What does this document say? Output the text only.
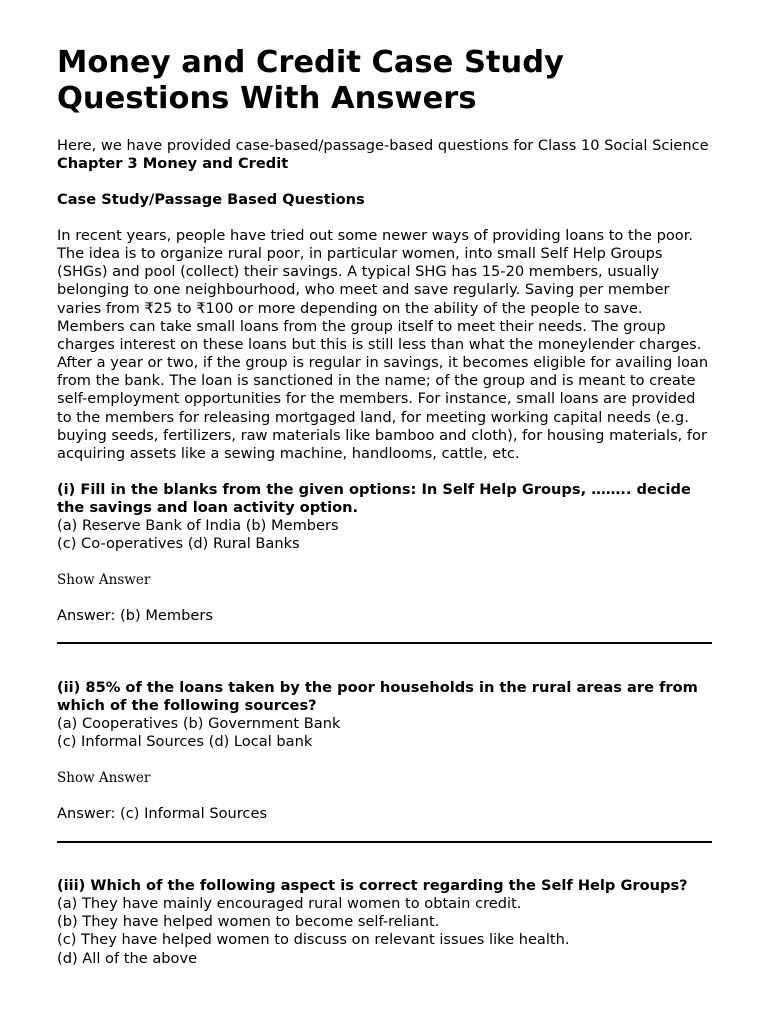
Money and Credit Case Study Questions With Answers

Here, we have provided case-based/passage-based questions for Class 10 Social Science Chapter 3 Money and Credit

Case Study/Passage Based Questions

In recent years, people have tried out some newer ways of providing loans to the poor. The idea is to organize rural poor, in particular women, into small Self Help Groups (SHGs) and pool (collect) their savings. A typical SHG has 15-20 members, usually belonging to one neighbourhood, who meet and save regularly. Saving per member varies from ₹25 to ₹100 or more depending on the ability of the people to save. Members can take small loans from the group itself to meet their needs. The group charges interest on these loans but this is still less than what the moneylender charges. After a year or two, if the group is regular in savings, it becomes eligible for availing loan from the bank. The loan is sanctioned in the name; of the group and is meant to create self-employment opportunities for the members. For instance, small loans are provided to the members for releasing mortgaged land, for meeting working capital needs (e.g. buying seeds, fertilizers, raw materials like bamboo and cloth), for housing materials, for acquiring assets like a sewing machine, handlooms, cattle, etc.

(i) Fill in the blanks from the given options: In Self Help Groups, …….. decide the savings and loan activity option.
(a) Reserve Bank of India (b) Members
(c) Co-operatives (d) Rural Banks
Show Answer
Answer: (b) Members
(ii) 85% of the loans taken by the poor households in the rural areas are from which of the following sources?
(a) Cooperatives (b) Government Bank
(c) Informal Sources (d) Local bank
Show Answer
Answer: (c) Informal Sources
(iii) Which of the following aspect is correct regarding the Self Help Groups?
(a) They have mainly encouraged rural women to obtain credit.
(b) They have helped women to become self-reliant.
(c) They have helped women to discuss on relevant issues like health.
(d) All of the above
